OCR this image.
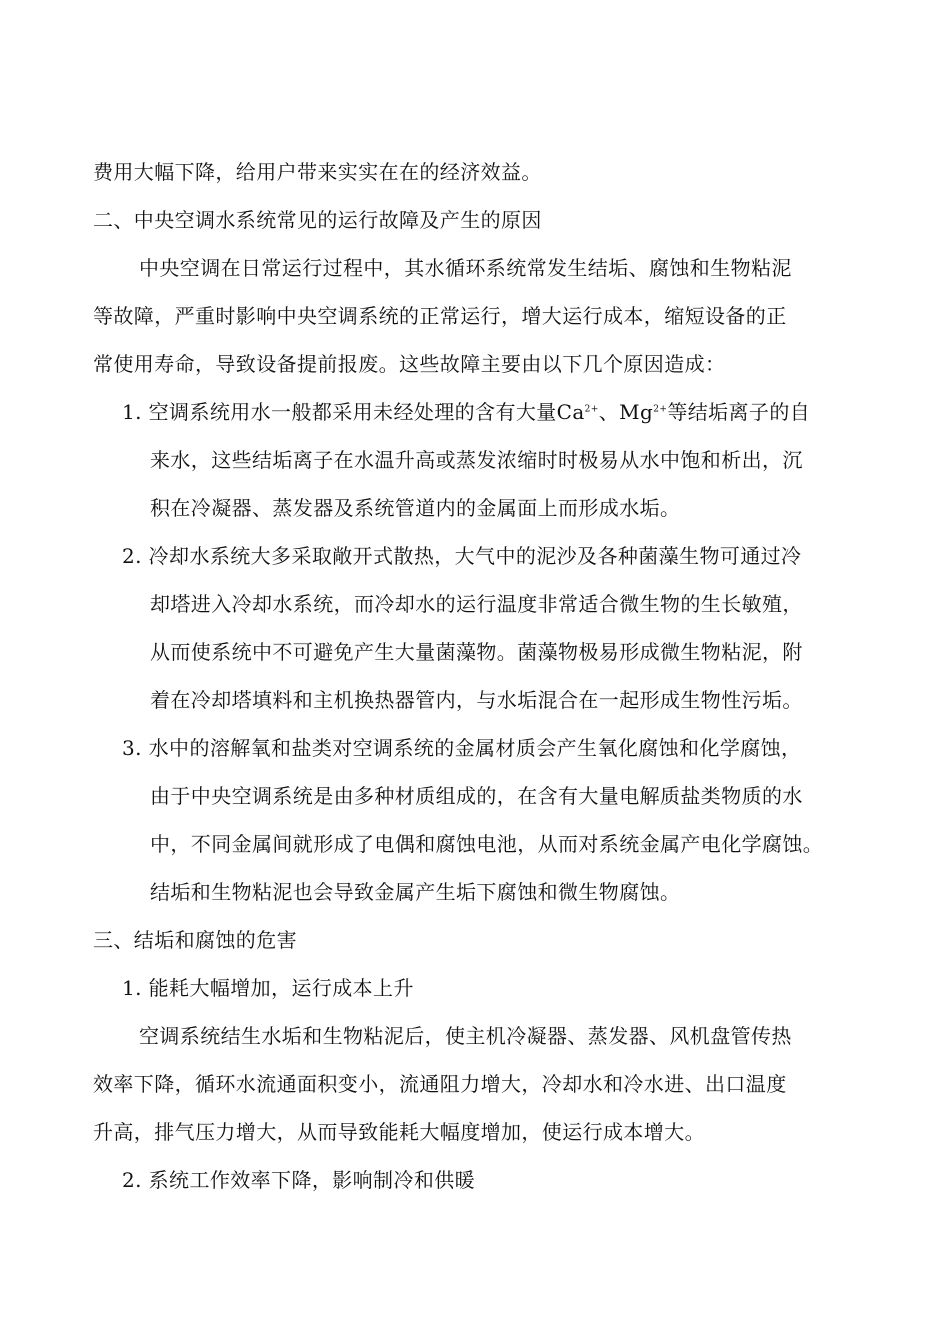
费用大幅下降，给用户带来实实在在的经济效益。
二、中央空调水系统常见的运行故障及产生的原因
中央空调在日常运行过程中，其水循环系统常发生结垢、腐蚀和生物粘泥
等故障，严重时影响中央空调系统的正常运行，增大运行成本，缩短设备的正
常使用寿命，导致设备提前报废。这些故障主要由以下几个原因造成：
1. 空调系统用水一般都采用未经处理的含有大量$Ca^{2+}$、$Mg^{2+}$等结垢离子的自
来水，这些结垢离子在水温升高或蒸发浓缩时时极易从水中饱和析出，沉
积在冷凝器、蒸发器及系统管道内的金属面上而形成水垢。
2. 冷却水系统大多采取敞开式散热，大气中的泥沙及各种菌藻生物可通过冷
却塔进入冷却水系统，而冷却水的运行温度非常适合微生物的生长敏殖，
从而使系统中不可避免产生大量菌藻物。菌藻物极易形成微生物粘泥，附
着在冷却塔填料和主机换热器管内，与水垢混合在一起形成生物性污垢。
3. 水中的溶解氧和盐类对空调系统的金属材质会产生氧化腐蚀和化学腐蚀，
由于中央空调系统是由多种材质组成的，在含有大量电解质盐类物质的水
中，不同金属间就形成了电偶和腐蚀电池，从而对系统金属产电化学腐蚀。
结垢和生物粘泥也会导致金属产生垢下腐蚀和微生物腐蚀。
三、结垢和腐蚀的危害
1. 能耗大幅增加，运行成本上升
空调系统结生水垢和生物粘泥后，使主机冷凝器、蒸发器、风机盘管传热
效率下降，循环水流通面积变小，流通阻力增大，冷却水和冷水进、出口温度
升高，排气压力增大，从而导致能耗大幅度增加，使运行成本增大。
2. 系统工作效率下降，影响制冷和供暖
